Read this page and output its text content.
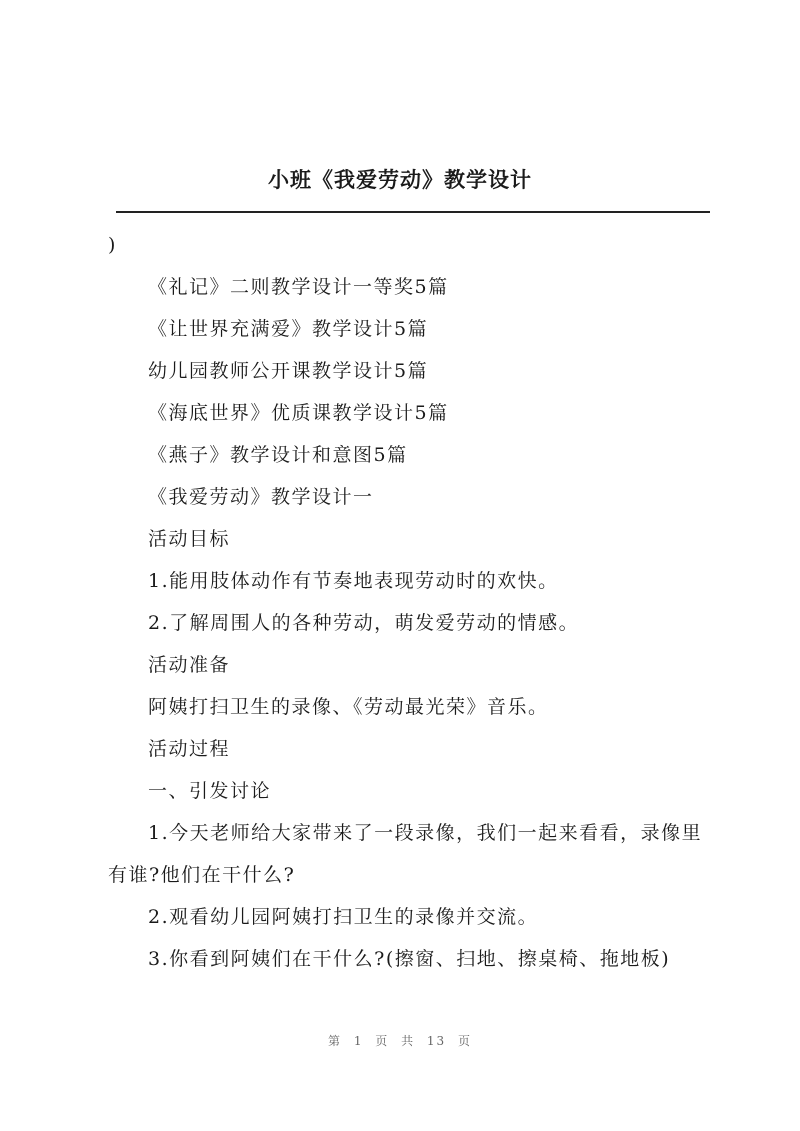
小班《我爱劳动》教学设计
)
《礼记》二则教学设计一等奖5篇
《让世界充满爱》教学设计5篇
幼儿园教师公开课教学设计5篇
《海底世界》优质课教学设计5篇
《燕子》教学设计和意图5篇
《我爱劳动》教学设计一
活动目标
1.能用肢体动作有节奏地表现劳动时的欢快。
2.了解周围人的各种劳动，萌发爱劳动的情感。
活动准备
阿姨打扫卫生的录像、《劳动最光荣》音乐。
活动过程
一、引发讨论
1.今天老师给大家带来了一段录像，我们一起来看看，录像里有谁?他们在干什么?
2.观看幼儿园阿姨打扫卫生的录像并交流。
3.你看到阿姨们在干什么?(擦窗、扫地、擦桌椅、拖地板)
第 1 页 共 13 页
